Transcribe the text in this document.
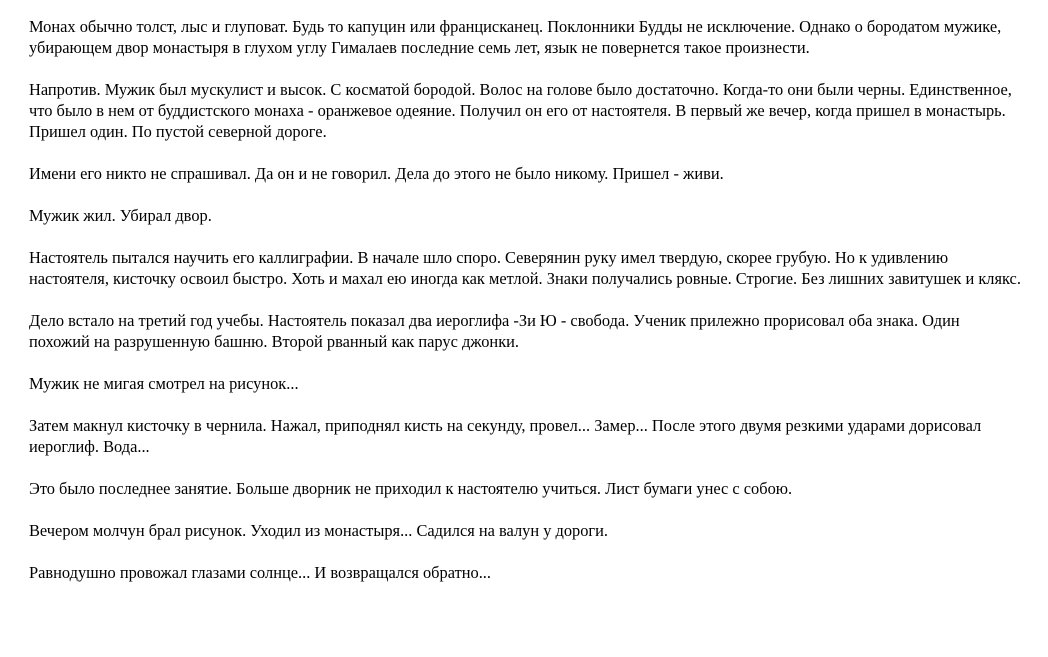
Монах обычно толст, лыс и глуповат. Будь то капуцин или францисканец. Поклонники Будды не исключение. Однако о бородатом мужике, убирающем двор монастыря в глухом углу Гималаев последние семь лет, язык не повернется такое произнести.

Напротив. Мужик был мускулист и высок. С косматой бородой. Волос на голове было достаточно. Когда-то они были черны. Единственное, что было в нем от буддистского монаха - оранжевое одеяние. Получил он его от настоятеля. В первый же вечер, когда пришел в монастырь. Пришел один. По пустой северной дороге.

Имени его никто не спрашивал. Да он и не говорил. Дела до этого не было никому. Пришел - живи.

Мужик жил. Убирал двор.

Настоятель пытался научить его каллиграфии. В начале шло споро. Северянин руку имел твердую, скорее грубую. Но к удивлению настоятеля, кисточку освоил быстро. Хоть и махал ею иногда как метлой. Знаки получались ровные. Строгие. Без лишних завитушек и клякс.

Дело встало на третий год учебы. Настоятель показал два иероглифа -Зи Ю - свобода. Ученик прилежно прорисовал оба знака. Один похожий на разрушенную башню. Второй рванный как парус джонки.

Мужик не мигая смотрел на рисунок...

Затем макнул кисточку в чернила. Нажал, приподнял кисть на секунду, провел... Замер... После этого двумя резкими ударами дорисовал иероглиф. Вода...

Это было последнее занятие. Больше дворник не приходил к настоятелю учиться. Лист бумаги унес с собою.

Вечером молчун брал рисунок. Уходил из монастыря... Садился на валун у дороги.

Равнодушно провожал глазами солнце... И возвращался обратно...
